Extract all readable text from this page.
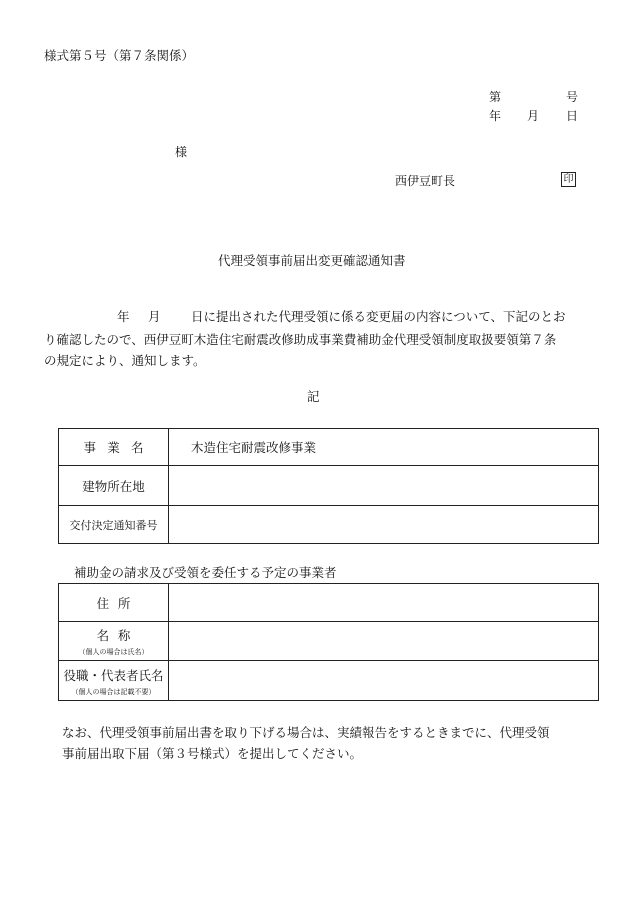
様式第５号（第７条関係）
第	号
年 月 日
様
西伊豆町長	印
代理受領事前届出変更確認通知書
年 月 日に提出された代理受領に係る変更届の内容について、下記のとお
り確認したので、西伊豆町木造住宅耐震改修助成事業費補助金代理受領制度取扱要領第７条
の規定により、通知します。
記
事業名	木造住宅耐震改修事業
建物所在地	
交付決定通知番号	
補助金の請求及び受領を委任する予定の事業者
住所	
名称
（個人の場合は氏名）	

役職・代表者氏名
（個人の場合は記載不要）	

なお、代理受領事前届出書を取り下げる場合は、実績報告をするときまでに、代理受領
事前届出取下届（第３号様式）を提出してください。
